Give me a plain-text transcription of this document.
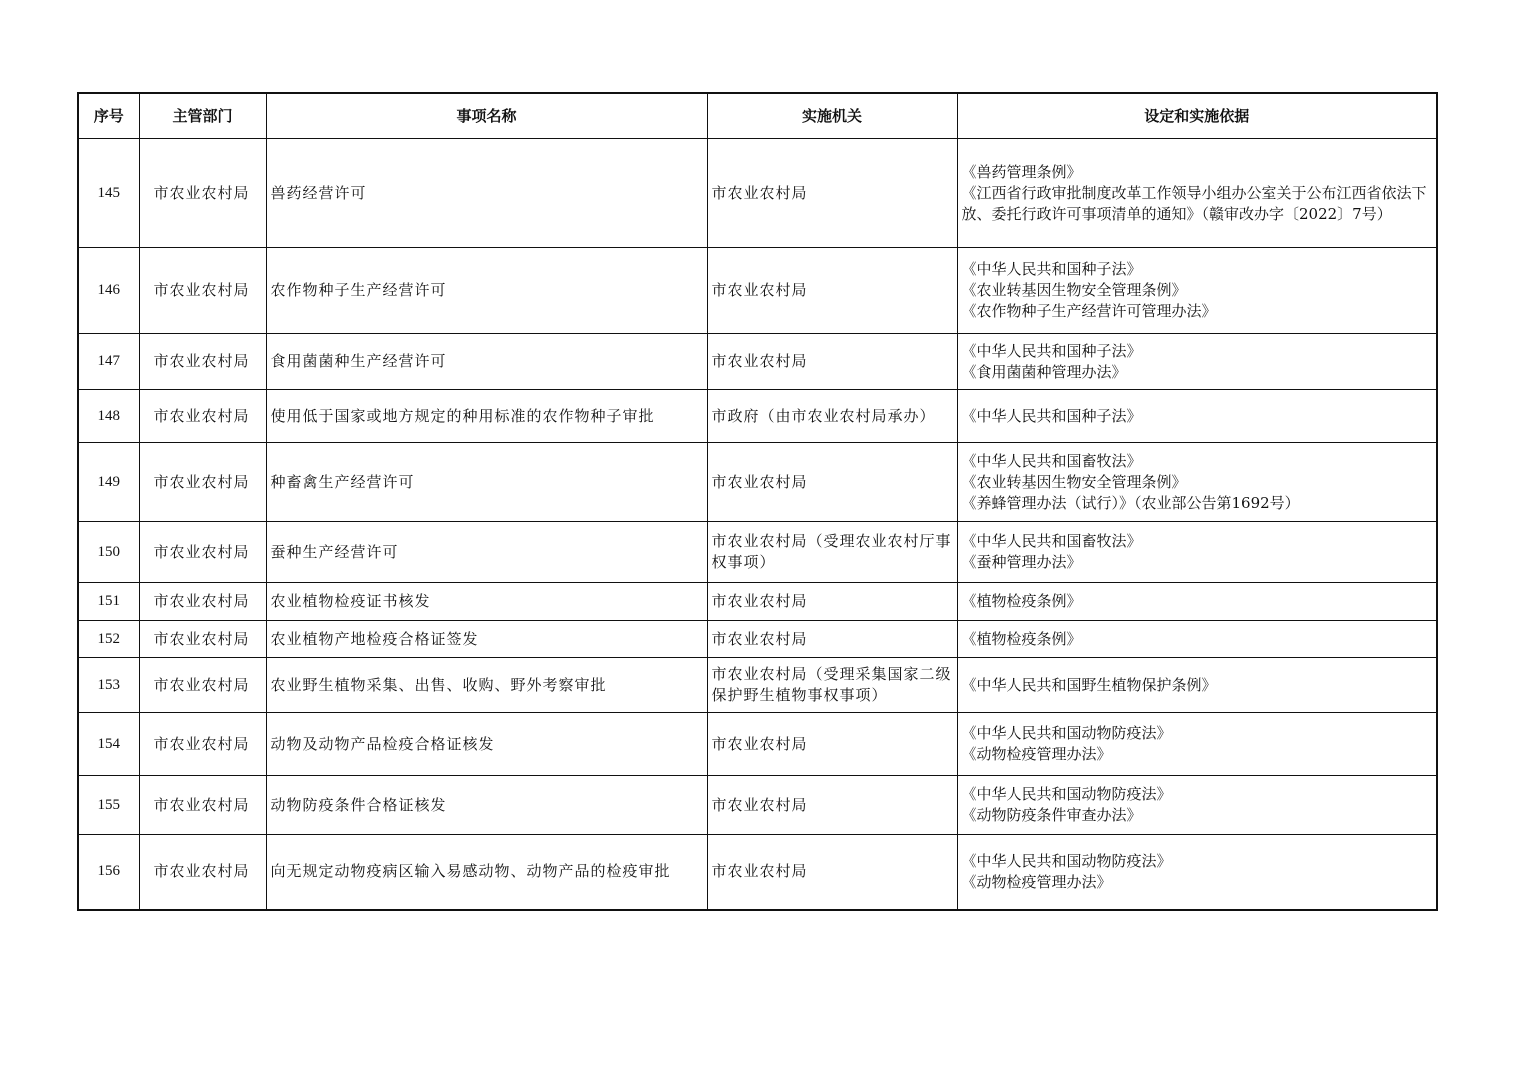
序号	主管部门	事项名称	实施机关	设定和实施依据
145	市农业农村局	兽药经营许可	市农业农村局	《兽药管理条例》
《江西省行政审批制度改革工作领导小组办公室关于公布江西省依法下放、委托行政许可事项清单的通知》（赣审改办字〔2022〕7号）

146	市农业农村局	农作物种子生产经营许可	市农业农村局	《中华人民共和国种子法》
《农业转基因生物安全管理条例》
《农作物种子生产经营许可管理办法》

147	市农业农村局	食用菌菌种生产经营许可	市农业农村局	《中华人民共和国种子法》
《食用菌菌种管理办法》

148	市农业农村局	使用低于国家或地方规定的种用标准的农作物种子审批	市政府（由市农业农村局承办）	《中华人民共和国种子法》

149	市农业农村局	种畜禽生产经营许可	市农业农村局	《中华人民共和国畜牧法》
《农业转基因生物安全管理条例》
《养蜂管理办法（试行）》（农业部公告第1692号）

150	市农业农村局	蚕种生产经营许可	市农业农村局（受理农业农村厅事权事项）	《中华人民共和国畜牧法》
《蚕种管理办法》

151	市农业农村局	农业植物检疫证书核发	市农业农村局	《植物检疫条例》

152	市农业农村局	农业植物产地检疫合格证签发	市农业农村局	《植物检疫条例》

153	市农业农村局	农业野生植物采集、出售、收购、野外考察审批	市农业农村局（受理采集国家二级保护野生植物事权事项）	《中华人民共和国野生植物保护条例》

154	市农业农村局	动物及动物产品检疫合格证核发	市农业农村局	《中华人民共和国动物防疫法》
《动物检疫管理办法》

155	市农业农村局	动物防疫条件合格证核发	市农业农村局	《中华人民共和国动物防疫法》
《动物防疫条件审查办法》

156	市农业农村局	向无规定动物疫病区输入易感动物、动物产品的检疫审批	市农业农村局	《中华人民共和国动物防疫法》
《动物检疫管理办法》
